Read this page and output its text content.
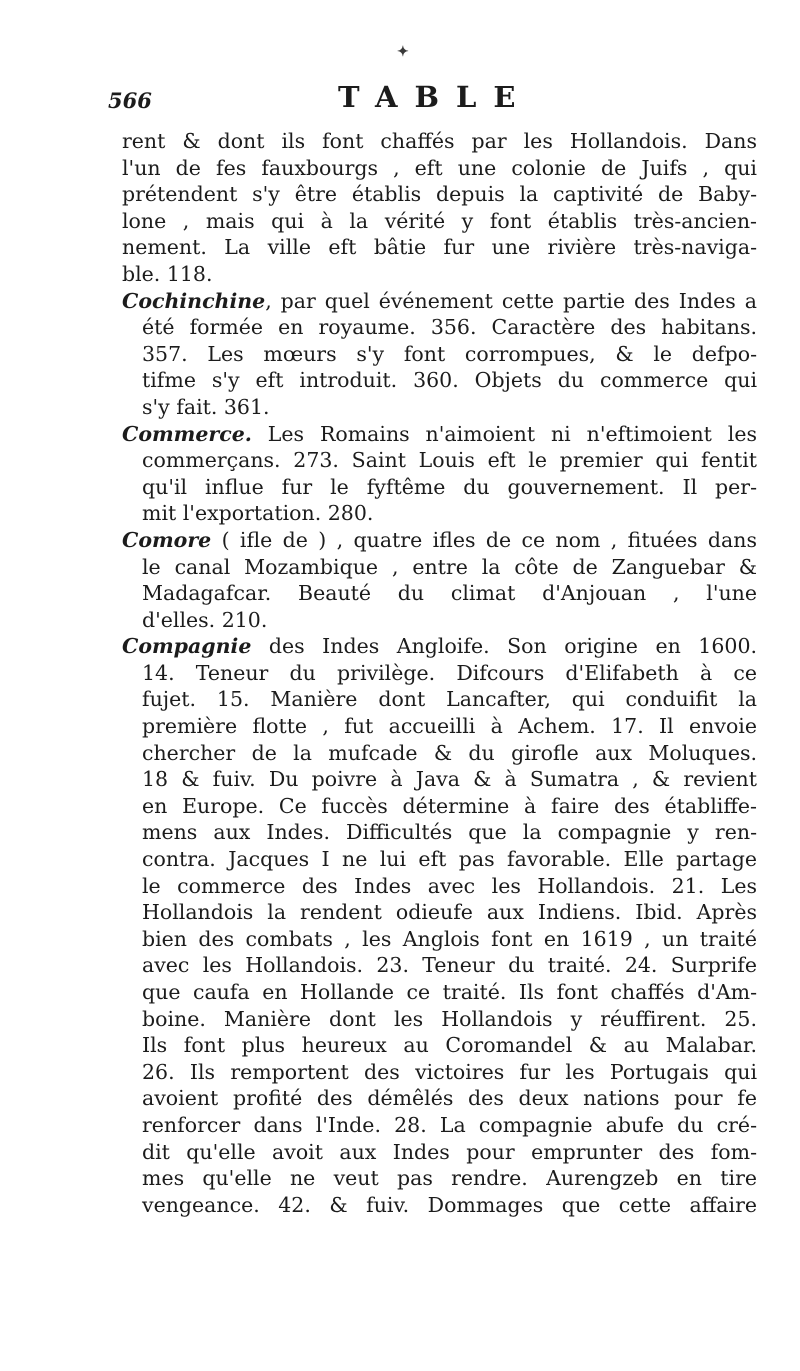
✦
566	TABLE
rent & dont ils font chaffés par les Hollandois. Dans
l'un de fes fauxbourgs , eft une colonie de Juifs , qui
prétendent s'y être établis depuis la captivité de Baby-
lone , mais qui à la vérité y font établis très-ancien-
nement. La ville eft bâtie fur une rivière très-naviga-
ble. 118.
Cochinchine, par quel événement cette partie des Indes a
été formée en royaume. 356. Caractère des habitans.
357. Les mœurs s'y font corrompues, & le defpo-
tifme s'y eft introduit. 360. Objets du commerce qui
s'y fait. 361.
Commerce. Les Romains n'aimoient ni n'eftimoient les
commerçans. 273. Saint Louis eft le premier qui fentit
qu'il influe fur le fyftême du gouvernement. Il per-
mit l'exportation. 280.
Comore ( ifle de ) , quatre ifles de ce nom , fituées dans
le canal Mozambique , entre la côte de Zanguebar &
Madagafcar. Beauté du climat d'Anjouan , l'une
d'elles. 210.
Compagnie des Indes Angloife. Son origine en 1600.
14. Teneur du privilège. Difcours d'Elifabeth à ce
fujet. 15. Manière dont Lancafter, qui conduifit la
première flotte , fut accueilli à Achem. 17. Il envoie
chercher de la mufcade & du girofle aux Moluques.
18 & fuiv. Du poivre à Java & à Sumatra , & revient
en Europe. Ce fuccès détermine à faire des établiffe-
mens aux Indes. Difficultés que la compagnie y ren-
contra. Jacques I ne lui eft pas favorable. Elle partage
le commerce des Indes avec les Hollandois. 21. Les
Hollandois la rendent odieufe aux Indiens. Ibid. Après
bien des combats , les Anglois font en 1619 , un traité
avec les Hollandois. 23. Teneur du traité. 24. Surprife
que caufa en Hollande ce traité. Ils font chaffés d'Am-
boine. Manière dont les Hollandois y réuffirent. 25.
Ils font plus heureux au Coromandel & au Malabar.
26. Ils remportent des victoires fur les Portugais qui
avoient profité des démêlés des deux nations pour fe
renforcer dans l'Inde. 28. La compagnie abufe du cré-
dit qu'elle avoit aux Indes pour emprunter des fom-
mes qu'elle ne veut pas rendre. Aurengzeb en tire
vengeance. 42. & fuiv. Dommages que cette affaire
